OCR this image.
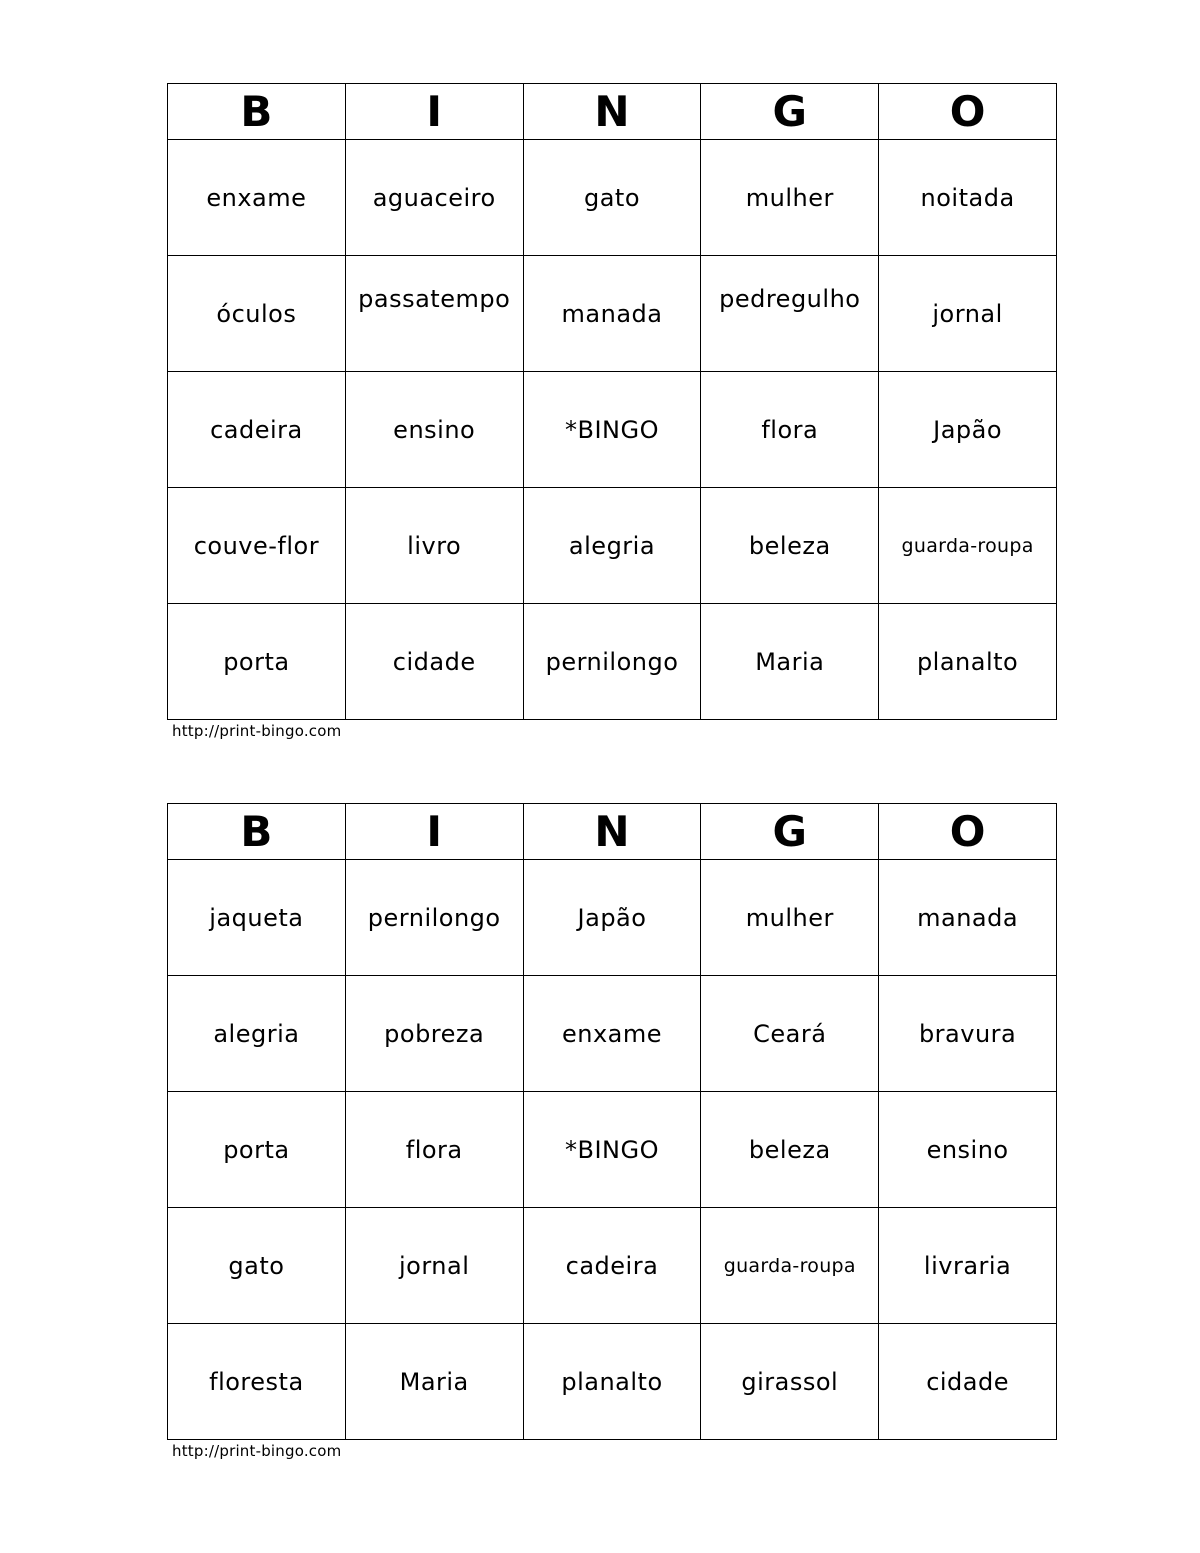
B	I	N	G	O
enxame	aguaceiro	gato	mulher	noitada
óculos	passatempo	manada	pedregulho	jornal
cadeira	ensino	*BINGO	flora	Japão
couve-flor	livro	alegria	beleza	guarda-roupa
porta	cidade	pernilongo	Maria	planalto
http://print-bingo.com
B	I	N	G	O
jaqueta	pernilongo	Japão	mulher	manada
alegria	pobreza	enxame	Ceará	bravura
porta	flora	*BINGO	beleza	ensino
gato	jornal	cadeira	guarda-roupa	livraria
floresta	Maria	planalto	girassol	cidade
http://print-bingo.com
